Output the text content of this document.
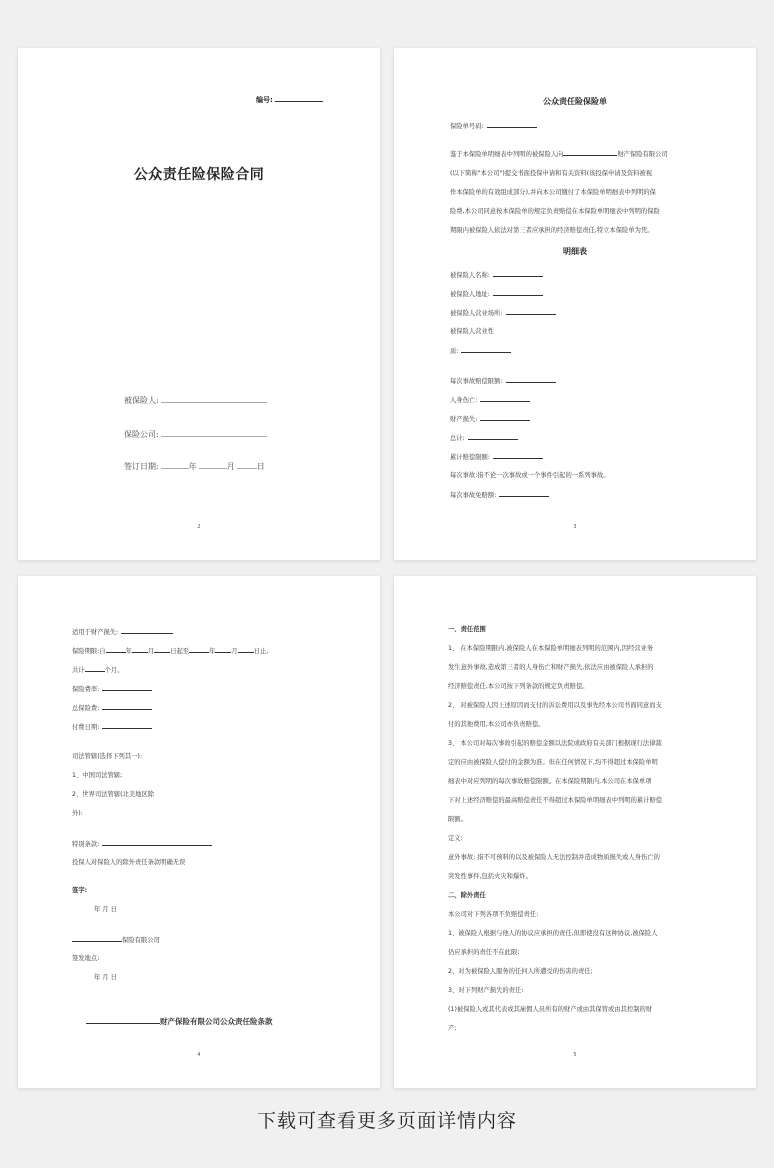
编号:
公众责任险保险合同
被保险人:
保险公司:
签订日期:	年	月	日
2
公众责任险保险单
保险单号码:
鉴于本保险单明细表中列明的被保险人向	财产保险有限公司
(以下简称"本公司")提交书面投保申请和有关资料(该投保申请及资料被视
作本保险单的有效组成部分),并向本公司缴付了本保险单明细表中列明的保
险费,本公司同意按本保险单的规定负责赔偿在本保险单明细表中列明的保险
期限内被保险人依法对第三者应承担的经济赔偿责任,特立本保险单为凭。
明细表
被保险人名称:
被保险人地址:
被保险人营业场所:
被保险人营业性
质:
每次事故赔偿限额:
人身伤亡:
财产损失:
总计:
累计赔偿限额:
每次事故:指不论一次事故或一个事件引起的一系列事故。
每次事故免赔额:
3
适用于财产损失:
保险期限:自	年	月	日起至	年	月	日止,
共计	个月。
保险费率:
总保险费:
付费日期:
司法管辖(选择下列其一):
1、中国司法管辖;
2、世界司法管辖(北美地区除
外):
特别条款:
投保人对保险人的除外责任条款明确无误
签字:
年 月 日
保险有限公司
签发地点:
年 月 日
财产保险有限公司公众责任险条款
4
一、责任范围
1、 在本保险期限内,被保险人在本保险单明细表列明的范围内,因经营业务
发生意外事故,造成第三者的人身伤亡和财产损失,依法应由被保险人承担的
经济赔偿责任,本公司按下列条款的规定负责赔偿。
2、 对被保险人因上述原因而支付的诉讼费用以及事先经本公司书面同意而支
付的其他费用,本公司亦负责赔偿。
3、 本公司对每次事故引起的赔偿金额以法院或政府有关部门根据现行法律裁
定的应由被保险人偿付的金额为准。但在任何情况下,均不得超过本保险单明
细表中对应列明的每次事故赔偿限额。在本保险期限内,本公司在本保单项
下对上述经济赔偿的最高赔偿责任不得超过本保险单明细表中列明的累计赔偿
限额。
定义:
意外事故: 指不可预料的以及被保险人无法控制并造成物质损失或人身伤亡的
突发性事件,包括火灾和爆炸。
二、除外责任
本公司对下列各项不负赔偿责任:
1、被保险人根据与他人的协议应承担的责任,但即使没有这种协议,被保险人
仍应承担的责任不在此限;
2、对为被保险人服务的任何人所遭受的伤害的责任;
3、对下列财产损失的责任:
(1)被保险人或其代表或其雇佣人员所有的财产或由其保管或由其控制的财
产;
5
下载可查看更多页面详情内容
